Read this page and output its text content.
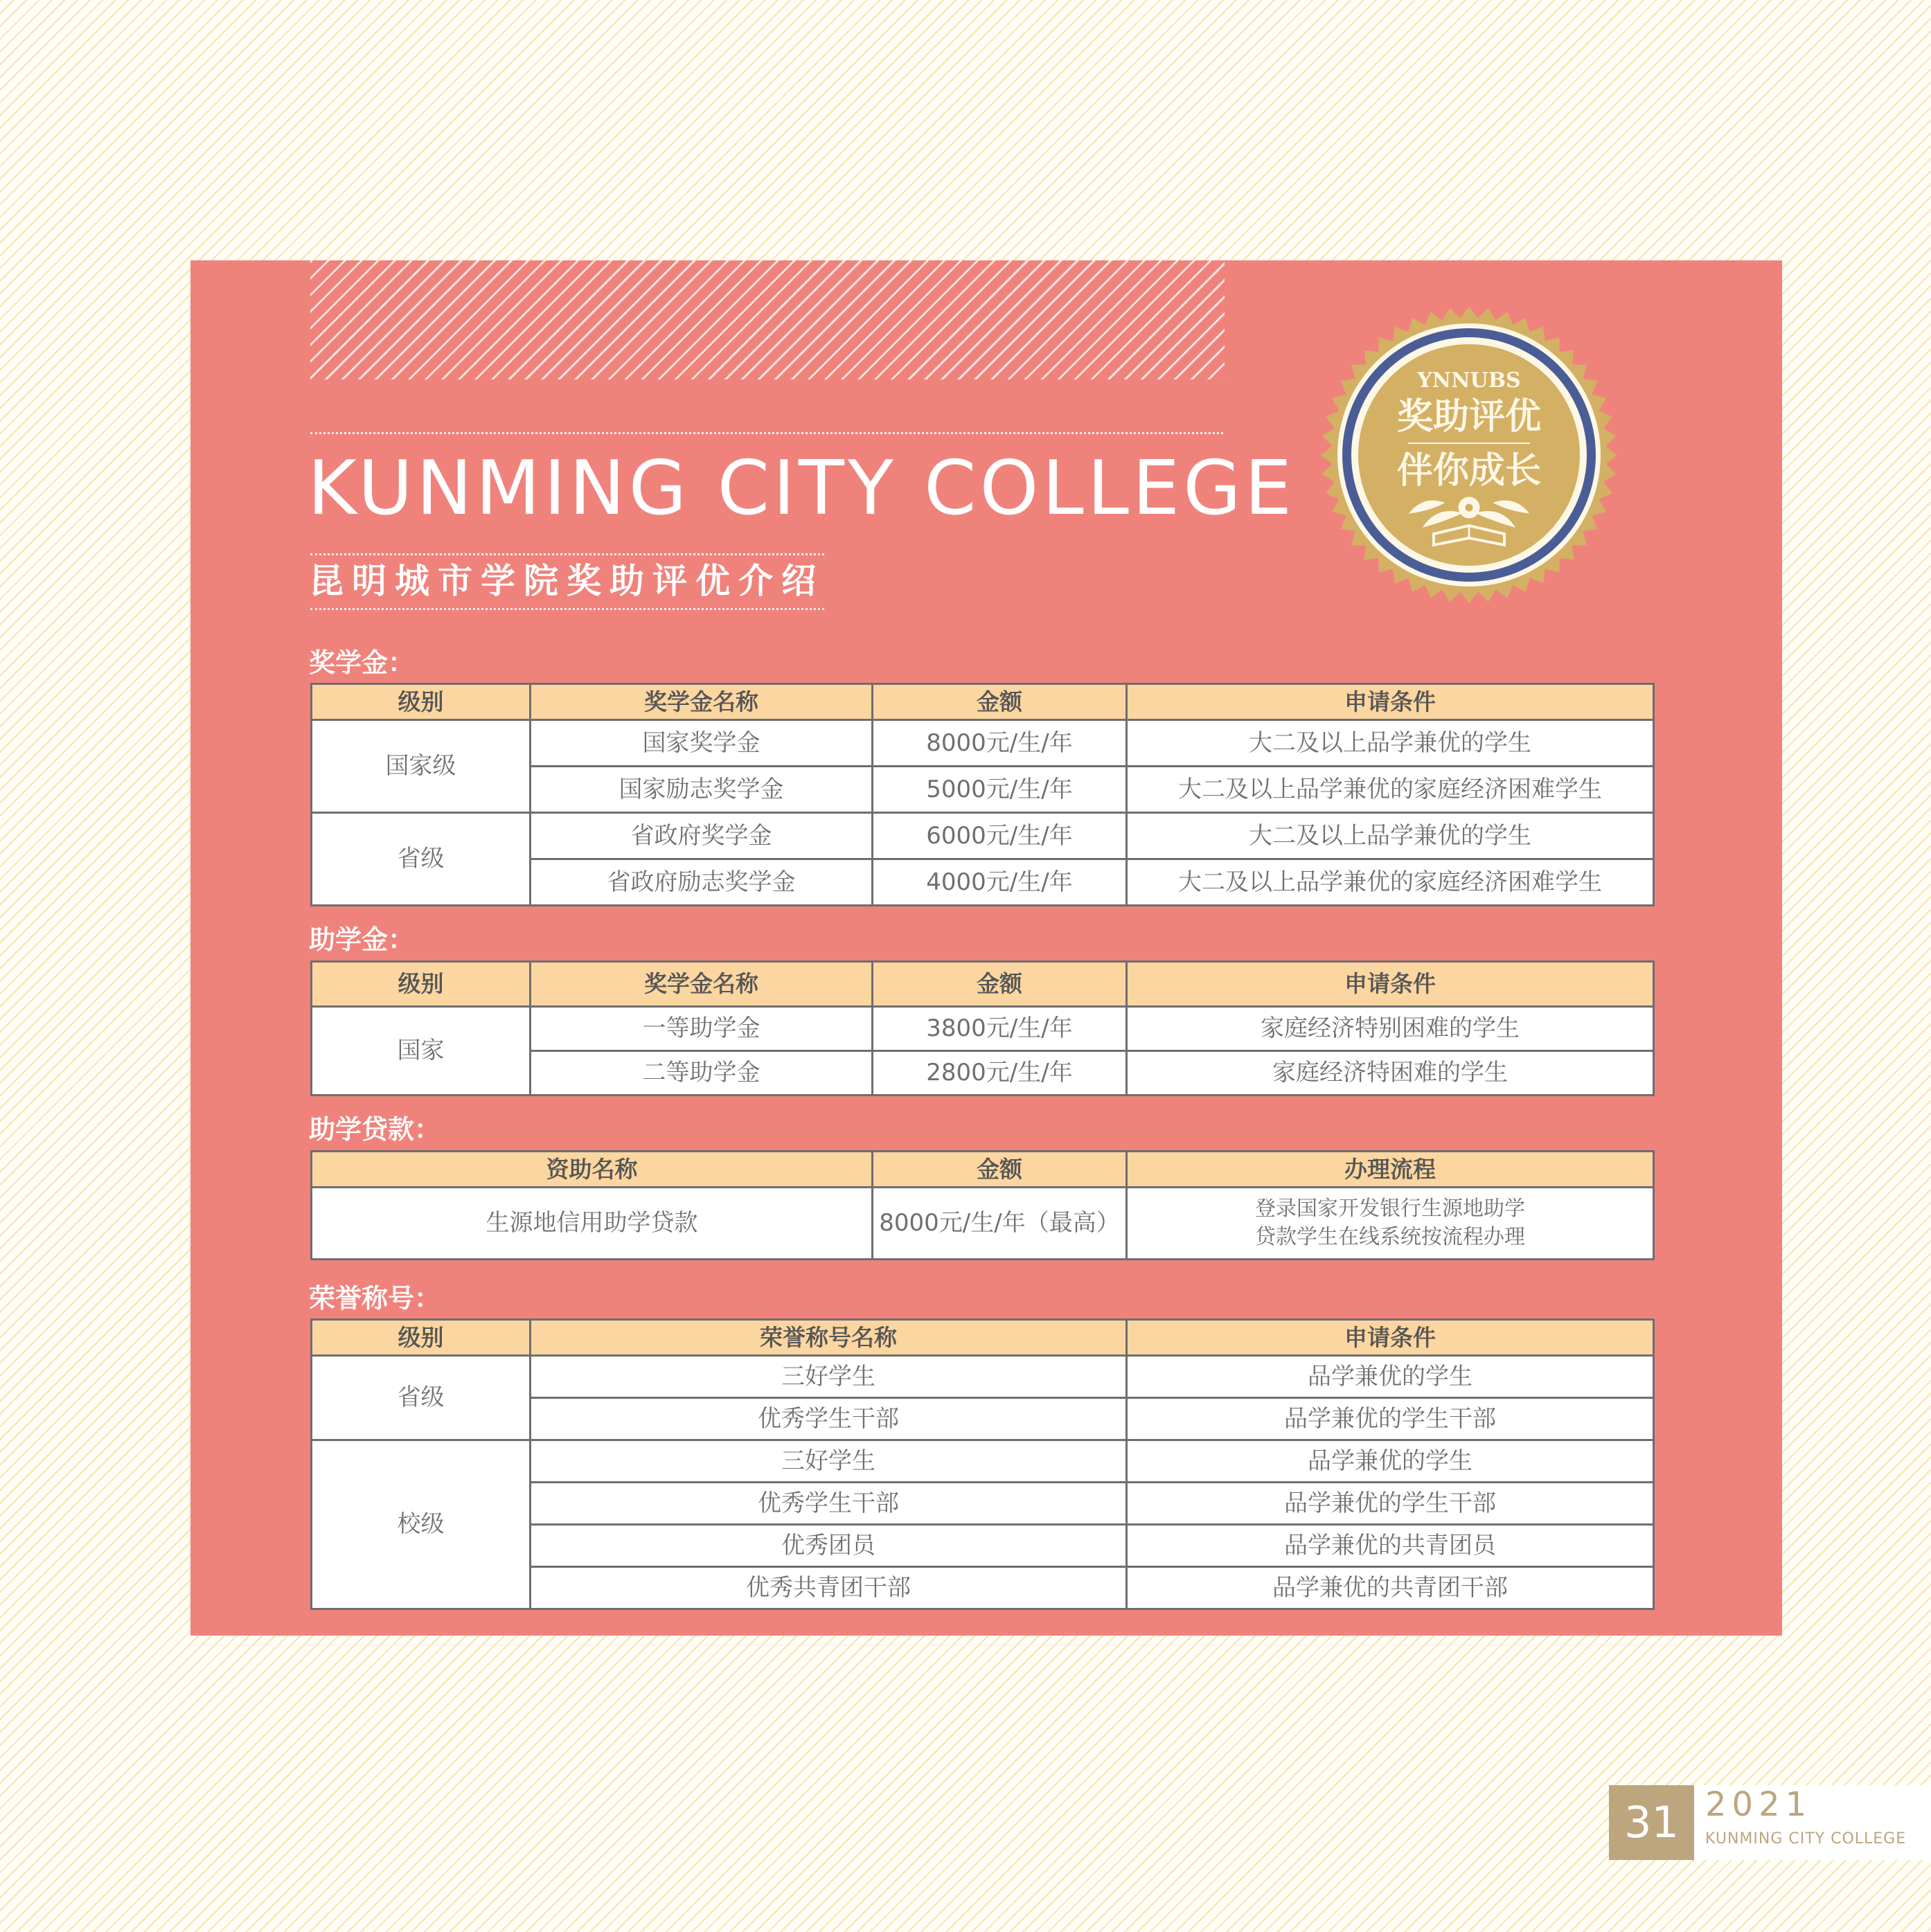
KUNMING CITY COLLEGE
昆明城市学院奖助评优介绍
YNNUBS
奖助评优
伴你成长
奖学金：
级别	奖学金名称	金额	申请条件
国家级	国家奖学金	8000元/生/年	大二及以上品学兼优的学生
	国家励志奖学金	5000元/生/年	大二及以上品学兼优的家庭经济困难学生
省级	省政府奖学金	6000元/生/年	大二及以上品学兼优的学生
	省政府励志奖学金	4000元/生/年	大二及以上品学兼优的家庭经济困难学生
助学金：
级别	奖学金名称	金额	申请条件
国家	一等助学金	3800元/生/年	家庭经济特别困难的学生
	二等助学金	2800元/生/年	家庭经济特困难的学生
助学贷款：
资助名称	金额	办理流程
生源地信用助学贷款	8000元/生/年（最高）	登录国家开发银行生源地助学
贷款学生在线系统按流程办理
荣誉称号：
级别	荣誉称号名称	申请条件
省级	三好学生	品学兼优的学生
	优秀学生干部	品学兼优的学生干部
校级	三好学生	品学兼优的学生
	优秀学生干部	品学兼优的学生干部
	优秀团员	品学兼优的共青团员
	优秀共青团干部	品学兼优的共青团干部
31 2021
KUNMING CITY COLLEGE
